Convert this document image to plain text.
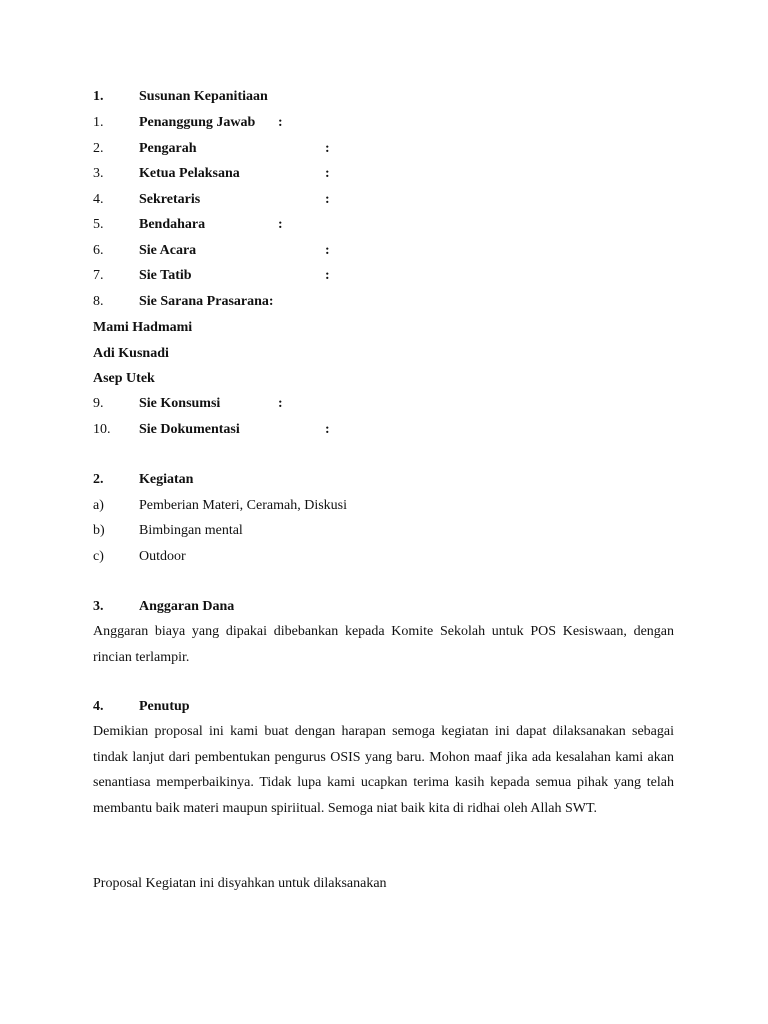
1.	Susunan Kepanitiaan
1.	Penanggung Jawab :
2.	Pengarah	:
3.	Ketua Pelaksana	:
4.	Sekretaris	:
5.	Bendahara	:
6.	Sie Acara	:
7.	Sie Tatib	:
8.	Sie Sarana Prasarana:
Mami Hadmami
Adi Kusnadi
Asep Utek
9.	Sie Konsumsi	:
10. Sie Dokumentasi	:
2.	Kegiatan
a)	Pemberian Materi, Ceramah, Diskusi
b) Bimbingan mental
c)	Outdoor
3.	Anggaran Dana
Anggaran biaya yang dipakai dibebankan kepada Komite Sekolah untuk POS Kesiswaan, dengan rincian terlampir.
4.	Penutup
Demikian proposal ini kami buat dengan harapan semoga kegiatan ini dapat dilaksanakan sebagai tindak lanjut dari pembentukan pengurus OSIS yang baru. Mohon maaf jika ada kesalahan kami akan senantiasa memperbaikinya. Tidak lupa kami ucapkan terima kasih kepada semua pihak yang telah membantu baik materi maupun spiriitual. Semoga niat baik kita di ridhai oleh Allah SWT.
Proposal Kegiatan ini disyahkan untuk dilaksanakan
